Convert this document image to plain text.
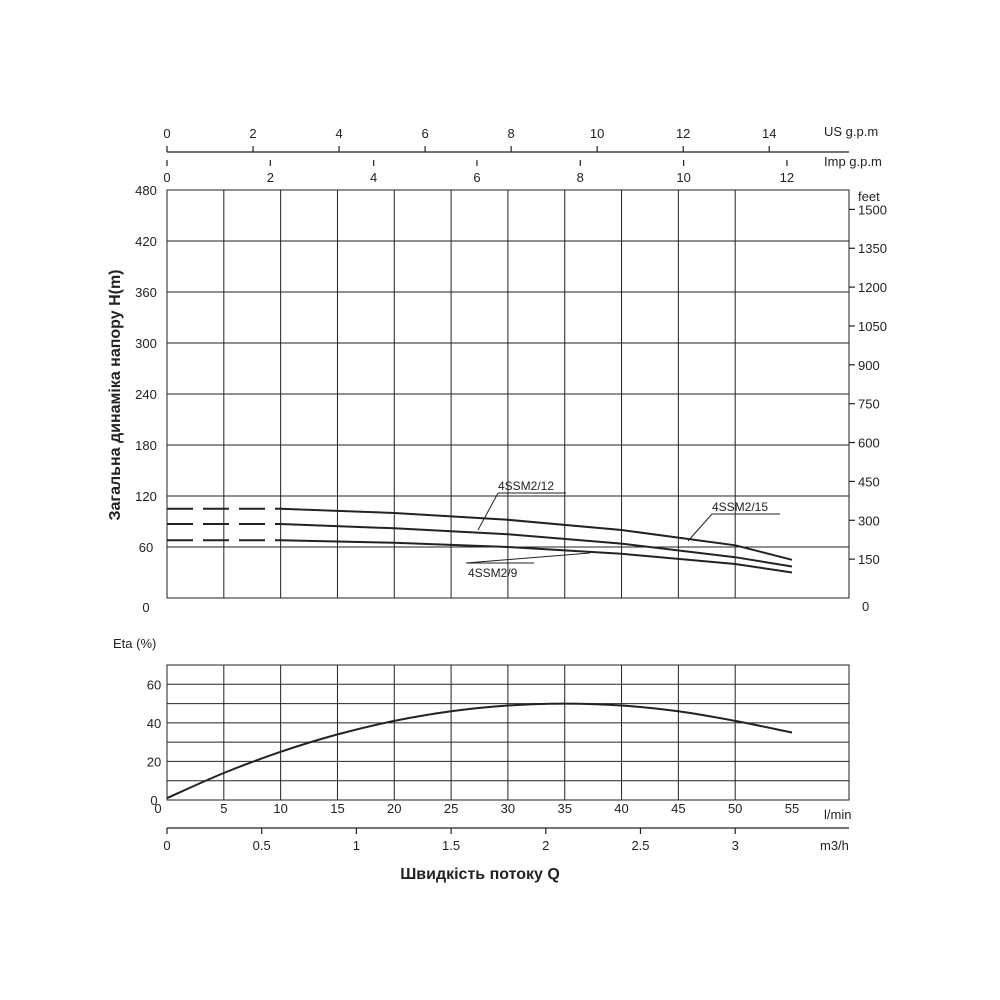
0
60
120
180
240
300
360
420
480
0
150
300
450
600
750
900
1050
1200
1350
1500
0	2	4	6	8	10	12	14
0	2	4	6	8	10	12
0
20
40
60
0	5	10	15	20	25	30	35	40	45	50	55
0	0.5	1	1.5	2	2.5	3
4SSM2/15
4SSM2/12
4SSM2/9
Загальна динаміка напору H(m)
US g.p.m
Imp g.p.m
feet
Eta (%)
l/min
m3/h
Швидкість потоку Q
